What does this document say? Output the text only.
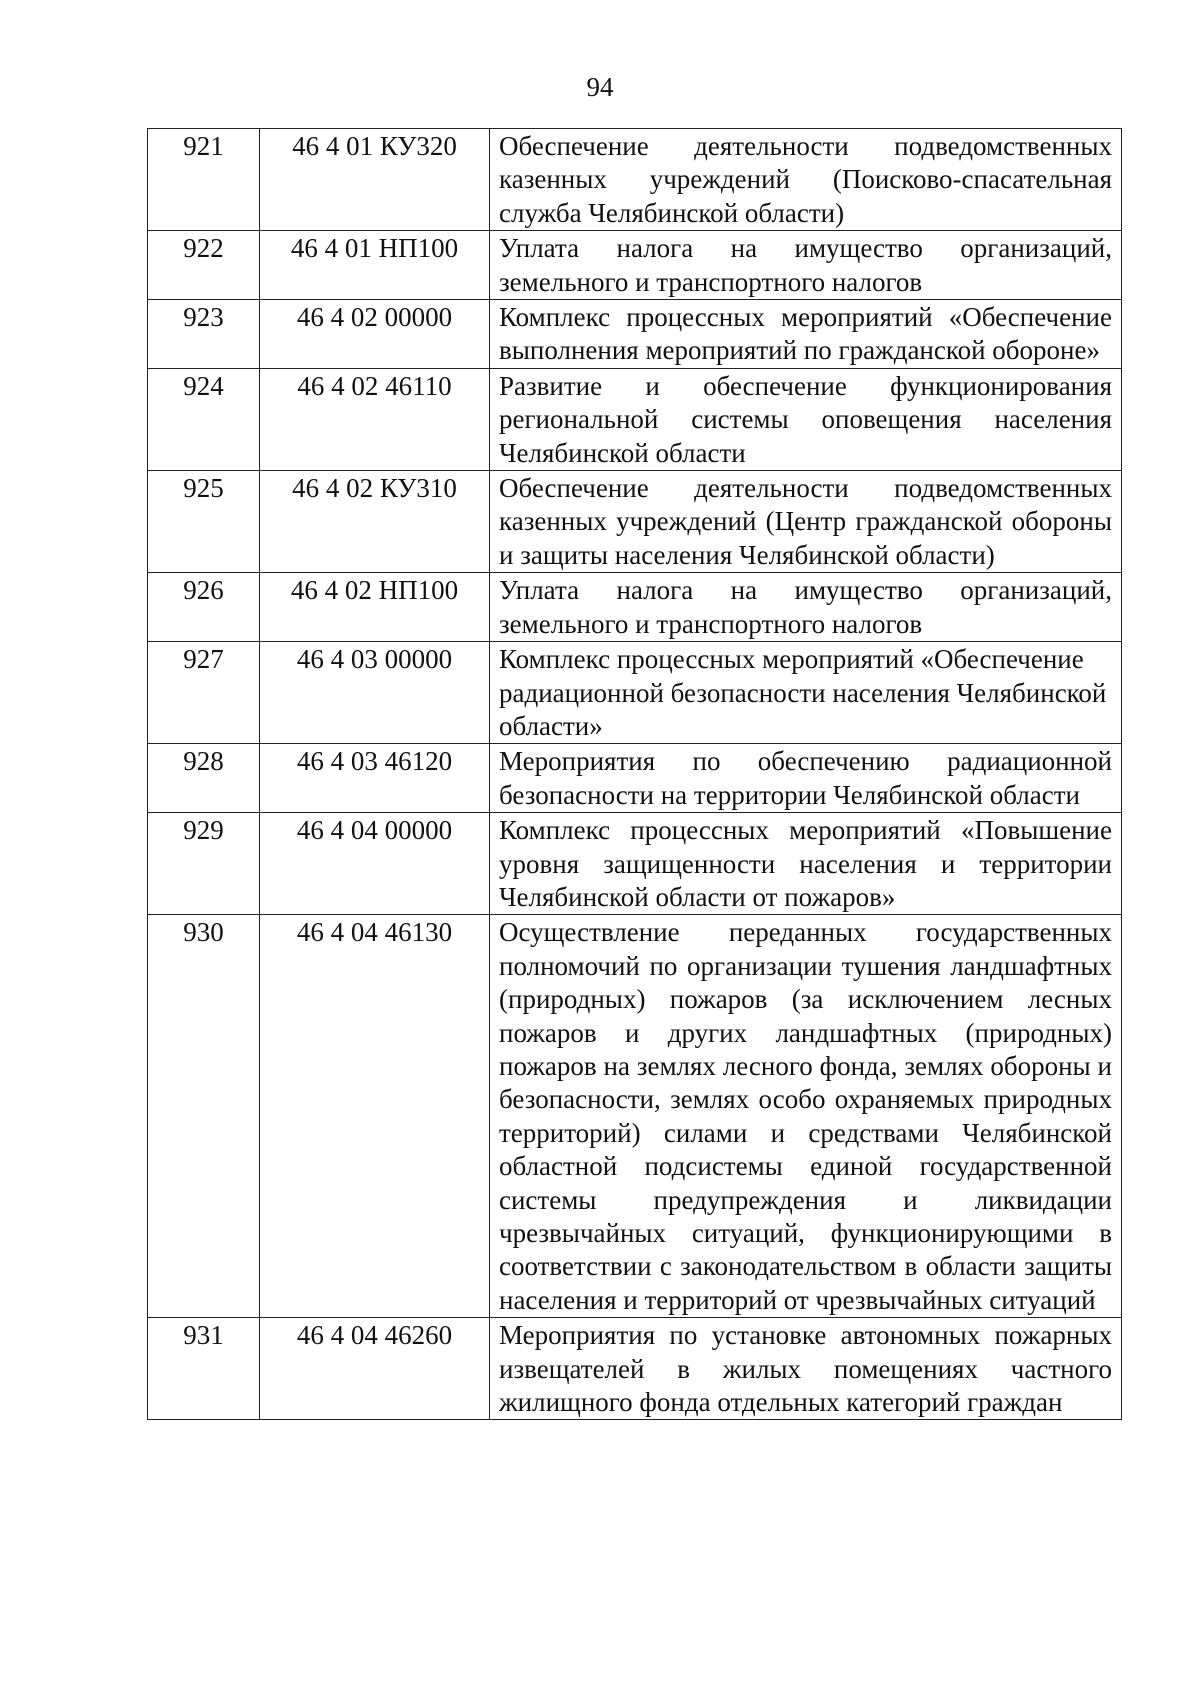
94
921	46 4 01 КУ320	Обеспечение деятельности подведомственных казенных учреждений (Поисково-спасательная служба Челябинской области)
922	46 4 01 НП100	Уплата налога на имущество организаций, земельного и транспортного налогов
923	46 4 02 00000	Комплекс процессных мероприятий «Обеспечение выполнения мероприятий по гражданской обороне»
924	46 4 02 46110	Развитие и обеспечение функционирования региональной системы оповещения населения Челябинской области
925	46 4 02 КУ310	Обеспечение деятельности подведомственных казенных учреждений (Центр гражданской обороны и защиты населения Челябинской области)
926	46 4 02 НП100	Уплата налога на имущество организаций, земельного и транспортного налогов
927	46 4 03 00000	Комплекс процессных мероприятий «Обеспечение радиационной безопасности населения Челябинской области»
928	46 4 03 46120	Мероприятия по обеспечению радиационной безопасности на территории Челябинской области
929	46 4 04 00000	Комплекс процессных мероприятий «Повышение уровня защищенности населения и территории Челябинской области от пожаров»
930	46 4 04 46130	Осуществление переданных государственных полномочий по организации тушения ландшафтных (природных) пожаров (за исключением лесных пожаров и других ландшафтных (природных) пожаров на землях лесного фонда, землях обороны и безопасности, землях особо охраняемых природных территорий) силами и средствами Челябинской областной подсистемы единой государственной системы предупреждения и ликвидации чрезвычайных ситуаций, функционирующими в соответствии с законодательством в области защиты населения и территорий от чрезвычайных ситуаций
931	46 4 04 46260	Мероприятия по установке автономных пожарных извещателей в жилых помещениях частного жилищного фонда отдельных категорий граждан
